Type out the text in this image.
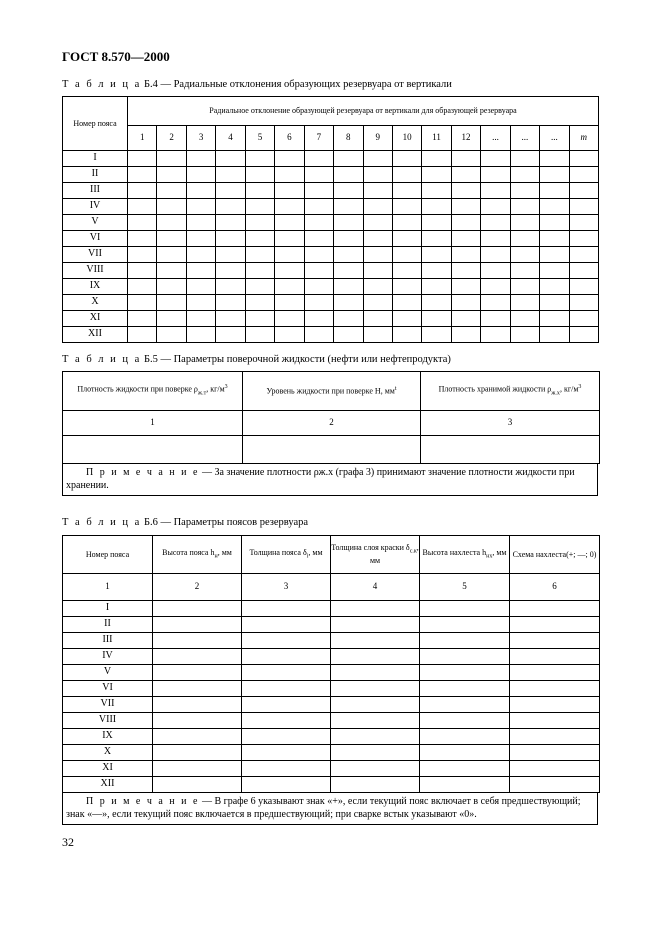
ГОСТ 8.570—2000
Т а б л и ц а Б.4 — Радиальные отклонения образующих резервуара от вертикали
Номер пояса	Радиальное отклонение образующей резервуара от вертикали для образующей резервуара															
	1	2	3	4	5	6	7	8	9	10	11	12	...	...	...	m
I																
II																
III																
IV																
V																
VI																
VII																
VIII																
IX																
X																
XI																
XII																
Т а б л и ц а Б.5 — Параметры поверочной жидкости (нефти или нефтепродукта)
Плотность жидкости при поверке $\rho_{ж.т}$, $кг/м^3$	Уровень жидкости при поверке H, $мм^t$	Плотность хранимой жидкости $\rho_{ж.х}$, $кг/м^3$
1	2	3

П р и м е ч а н и е — За значение плотности ρж.х (графа 3) принимают значение плотности жидкости при хранении.
Т а б л и ц а Б.6 — Параметры поясов резервуара
Номер пояса	Высота пояса $h_н$, мм	Толщина пояса $\delta_i$, мм	Толщина слоя краски $\delta_{с.к}$, мм	Высота нахлеста $h_{нх}$, мм	Схема нахлеста(+; —; 0)
1	2	3	4	5	6
I					
II					
III					
IV					
V					
VI					
VII					
VIII					
IX					
X					
XI					
XII					
П р и м е ч а н и е — В графе 6 указывают знак «+», если текущий пояс включает в себя предшествующий; знак «—», если текущий пояс включается в предшествующий; при сварке встык указывают «0».
32
